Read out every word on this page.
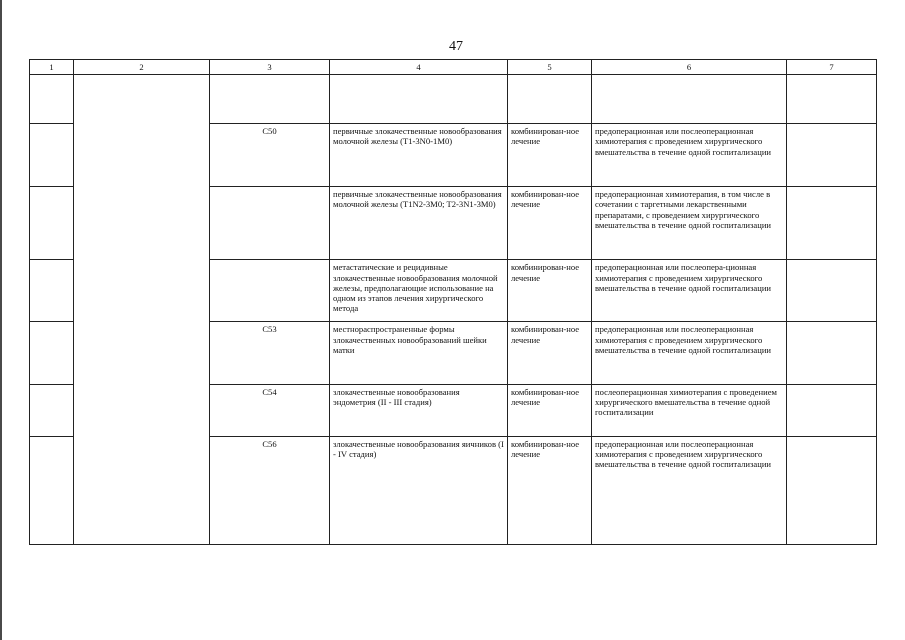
47
1	2	3	4	5	6	7

		C50	первичные злокачественные новообразования молочной железы (T1-3N0-1M0)	комбинирован-ное лечение	предоперационная или послеоперационная химиотерапия с проведением хирургического вмешательства в течение одной госпитализации	
			первичные злокачественные новообразования молочной железы (T1N2-3M0; T2-3N1-3M0)	комбинирован-ное лечение	предоперационная химиотерапия, в том числе в сочетании с таргетными лекарственными препаратами, с проведением хирургического вмешательства в течение одной госпитализации	
			метастатические и рецидивные злокачественные новообразования молочной железы, предполагающие использование на одном из этапов лечения хирургического метода	комбинирован-ное лечение	предоперационная или послеопера-ционная химиотерапия с проведением хирургического вмешательства в течение одной госпитализации	
		C53	местнораспространенные формы злокачественных новообразований шейки матки	комбинирован-ное лечение	предоперационная или послеоперационная химиотерапия с проведением хирургического вмешательства в течение одной госпитализации	
		C54	злокачественные новообразования эндометрия (II - III стадия)	комбинирован-ное лечение	послеоперационная химиотерапия с проведением хирургического вмешательства в течение одной госпитализации	
		C56	злокачественные новообразования яичников (I - IV стадия)	комбинирован-ное лечение	предоперационная или послеоперационная химиотерапия с проведением хирургического вмешательства в течение одной госпитализации	
